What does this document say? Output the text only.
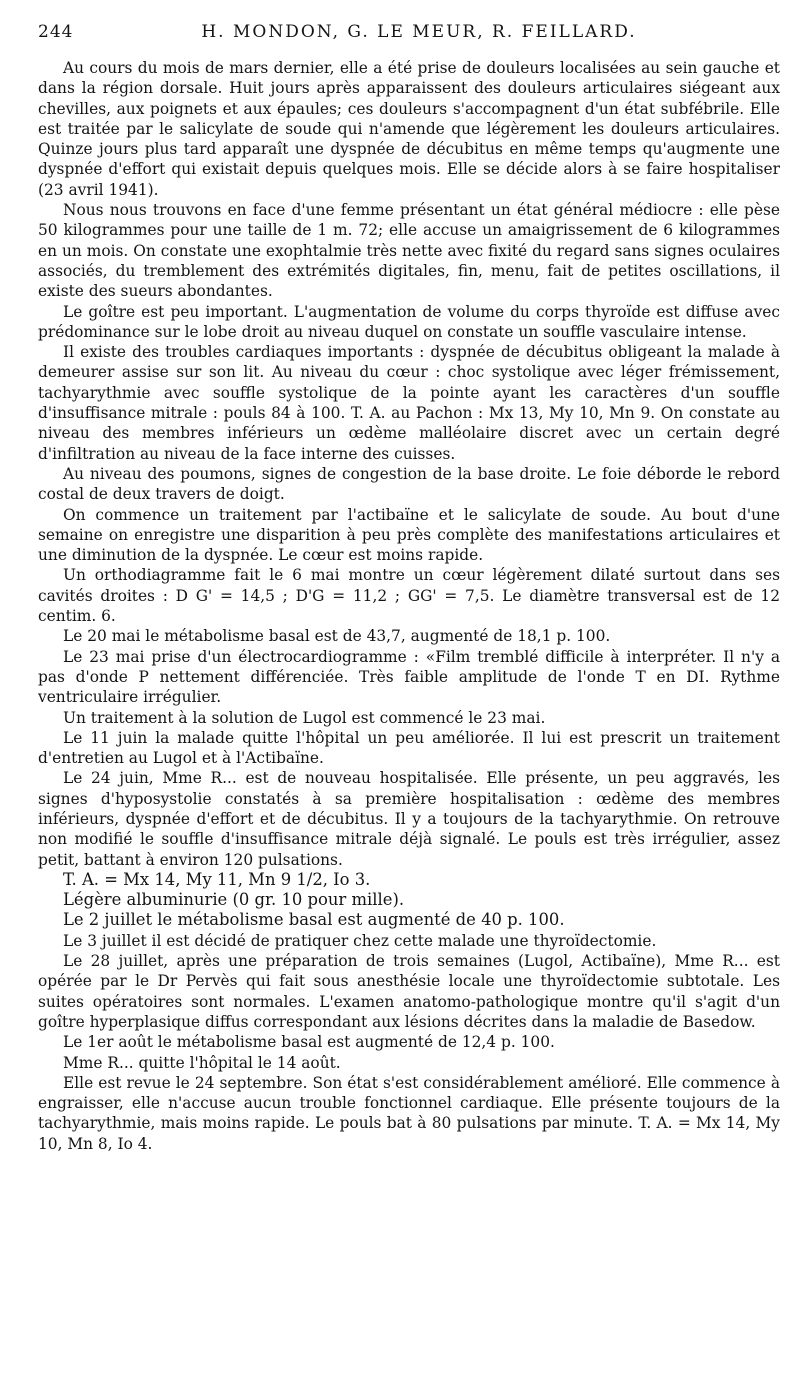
244	H. MONDON, G. LE MEUR, R. FEILLARD.

Au cours du mois de mars dernier, elle a été prise de douleurs localisées au sein gauche et dans la région dorsale. Huit jours après apparaissent des douleurs articulaires siégeant aux chevilles, aux poignets et aux épaules; ces douleurs s'accompagnent d'un état subfébrile. Elle est traitée par le salicylate de soude qui n'amende que légèrement les douleurs articulaires. Quinze jours plus tard apparaît une dyspnée de décubitus en même temps qu'augmente une dyspnée d'effort qui existait depuis quelques mois. Elle se décide alors à se faire hospitaliser (23 avril 1941).

Nous nous trouvons en face d'une femme présentant un état général médiocre : elle pèse 50 kilogrammes pour une taille de 1 m. 72; elle accuse un amaigrissement de 6 kilogrammes en un mois. On constate une exophtalmie très nette avec fixité du regard sans signes oculaires associés, du tremblement des extrémités digitales, fin, menu, fait de petites oscillations, il existe des sueurs abondantes.

Le goître est peu important. L'augmentation de volume du corps thyroïde est diffuse avec prédominance sur le lobe droit au niveau duquel on constate un souffle vasculaire intense.

Il existe des troubles cardiaques importants : dyspnée de décubitus obligeant la malade à demeurer assise sur son lit. Au niveau du cœur : choc systolique avec léger frémissement, tachyarythmie avec souffle systolique de la pointe ayant les caractères d'un souffle d'insuffisance mitrale : pouls 84 à 100. T. A. au Pachon : Mx 13, My 10, Mn 9. On constate au niveau des membres inférieurs un œdème malléolaire discret avec un certain degré d'infiltration au niveau de la face interne des cuisses.

Au niveau des poumons, signes de congestion de la base droite. Le foie déborde le rebord costal de deux travers de doigt.

On commence un traitement par l'actibaïne et le salicylate de soude. Au bout d'une semaine on enregistre une disparition à peu près complète des manifestations articulaires et une diminution de la dyspnée. Le cœur est moins rapide.

Un orthodiagramme fait le 6 mai montre un cœur légèrement dilaté surtout dans ses cavités droites : D G' = 14,5 ; D'G = 11,2 ; GG' = 7,5. Le diamètre transversal est de 12 centim. 6.

Le 20 mai le métabolisme basal est de 43,7, augmenté de 18,1 p. 100.

Le 23 mai prise d'un électrocardiogramme : «Film tremblé difficile à interpréter. Il n'y a pas d'onde P nettement différenciée. Très faible amplitude de l'onde T en DI. Rythme ventriculaire irrégulier.

Un traitement à la solution de Lugol est commencé le 23 mai.

Le 11 juin la malade quitte l'hôpital un peu améliorée. Il lui est prescrit un traitement d'entretien au Lugol et à l'Actibaïne.

Le 24 juin, Mme R... est de nouveau hospitalisée. Elle présente, un peu aggravés, les signes d'hyposystolie constatés à sa première hospitalisation : œdème des membres inférieurs, dyspnée d'effort et de décubitus. Il y a toujours de la tachyarythmie. On retrouve non modifié le souffle d'insuffisance mitrale déjà signalé. Le pouls est très irrégulier, assez petit, battant à environ 120 pulsations.

T. A. = Mx 14, My 11, Mn 9 1/2, Io 3.

Légère albuminurie (0 gr. 10 pour mille).

Le 2 juillet le métabolisme basal est augmenté de 40 p. 100.

Le 3 juillet il est décidé de pratiquer chez cette malade une thyroïdectomie.

Le 28 juillet, après une préparation de trois semaines (Lugol, Actibaïne), Mme R... est opérée par le Dr Pervès qui fait sous anesthésie locale une thyroïdectomie subtotale. Les suites opératoires sont normales. L'examen anatomo-pathologique montre qu'il s'agit d'un goître hyperplasique diffus correspondant aux lésions décrites dans la maladie de Basedow.

Le 1er août le métabolisme basal est augmenté de 12,4 p. 100.

Mme R... quitte l'hôpital le 14 août.

Elle est revue le 24 septembre. Son état s'est considérablement amélioré. Elle commence à engraisser, elle n'accuse aucun trouble fonctionnel cardiaque. Elle présente toujours de la tachyarythmie, mais moins rapide. Le pouls bat à 80 pulsations par minute. T. A. = Mx 14, My 10, Mn 8, Io 4.
